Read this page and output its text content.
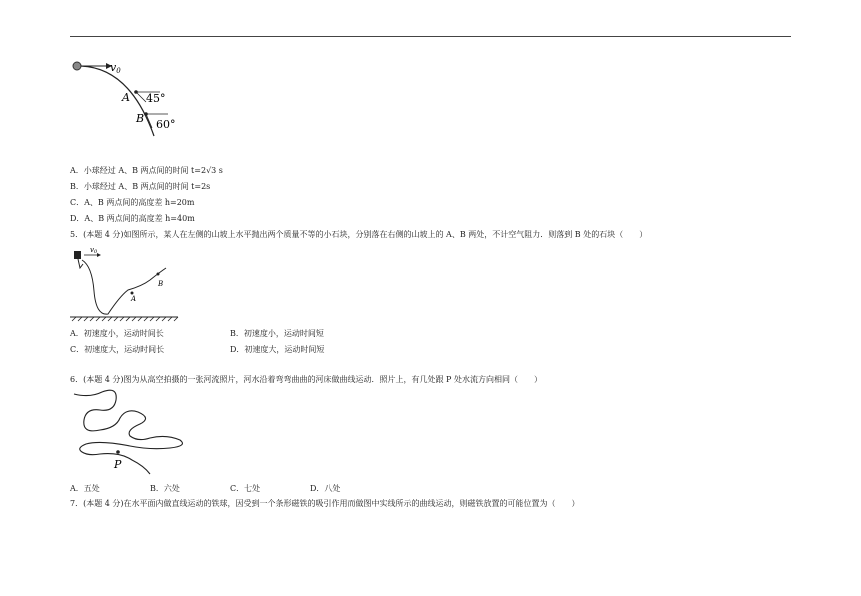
v0
A 45°
B 60°
A．小球经过 A、B 两点间的时间 t=2√3 s
B．小球经过 A、B 两点间的时间 t=2s
C．A、B 两点间的高度差 h=20m
D．A、B 两点间的高度差 h=40m
5．(本题 4 分)如图所示，某人在左侧的山坡上水平抛出两个质量不等的小石块，分别落在右侧的山坡上的 A、B 两处，不计空气阻力．则落到 B 处的石块（　　）
v0
A
B
A．初速度小，运动时间长	B．初速度小，运动时间短
C．初速度大，运动时间长	D．初速度大，运动时间短
6．(本题 4 分)图为从高空拍摄的一张河流照片，河水沿着弯弯曲曲的河床做曲线运动．照片上，有几处跟 P 处水流方向相同（　　）
P
A．五处	B．六处	C．七处	D．八处
7．(本题 4 分)在水平面内做直线运动的铁球，因受到一个条形磁铁的吸引作用而做图中实线所示的曲线运动，则磁铁放置的可能位置为（　　）
